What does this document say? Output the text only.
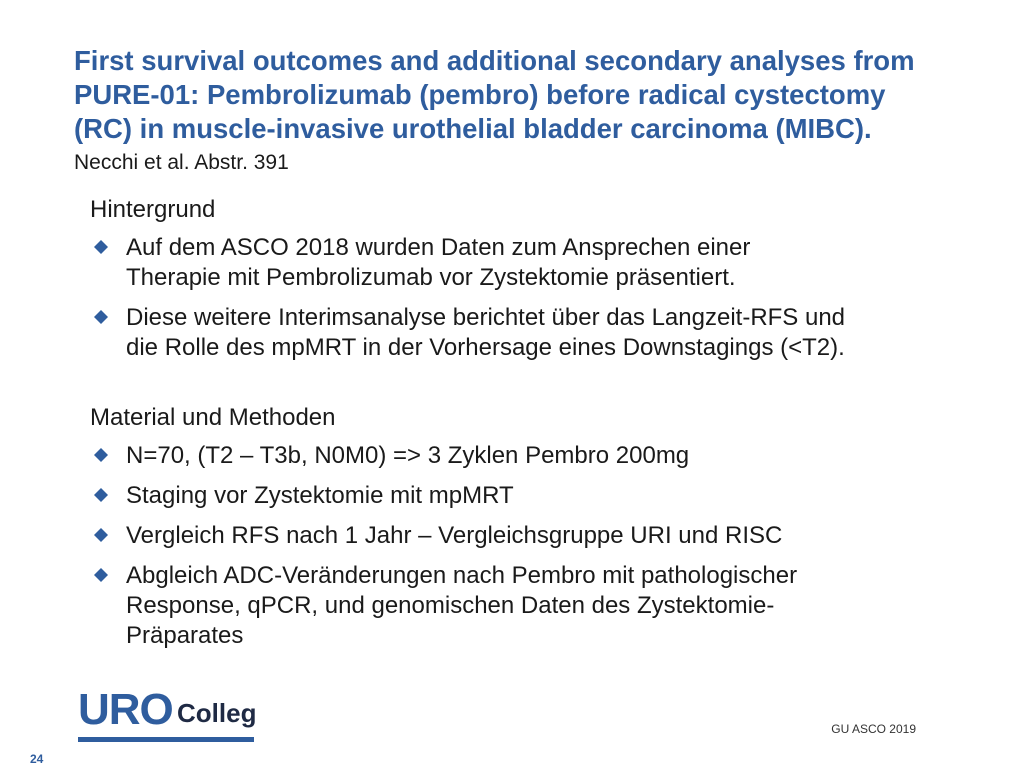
First survival outcomes and additional secondary analyses from
PURE-01: Pembrolizumab (pembro) before radical cystectomy
(RC) in muscle-invasive urothelial bladder carcinoma (MIBC).
Necchi et al. Abstr. 391
Hintergrund
Auf dem ASCO 2018 wurden Daten zum Ansprechen einer
Therapie mit Pembrolizumab vor Zystektomie präsentiert.
Diese weitere Interimsanalyse berichtet über das Langzeit-RFS und
die Rolle des mpMRT in der Vorhersage eines Downstagings (<T2).
Material und Methoden
N=70, (T2 – T3b, N0M0) => 3 Zyklen Pembro 200mg
Staging vor Zystektomie mit mpMRT
Vergleich RFS nach 1 Jahr – Vergleichsgruppe URI und RISC
Abgleich ADC-Veränderungen nach Pembro mit pathologischer
Response, qPCR, und genomischen Daten des Zystektomie-
Präparates
URO Colleg
GU ASCO 2019
24
